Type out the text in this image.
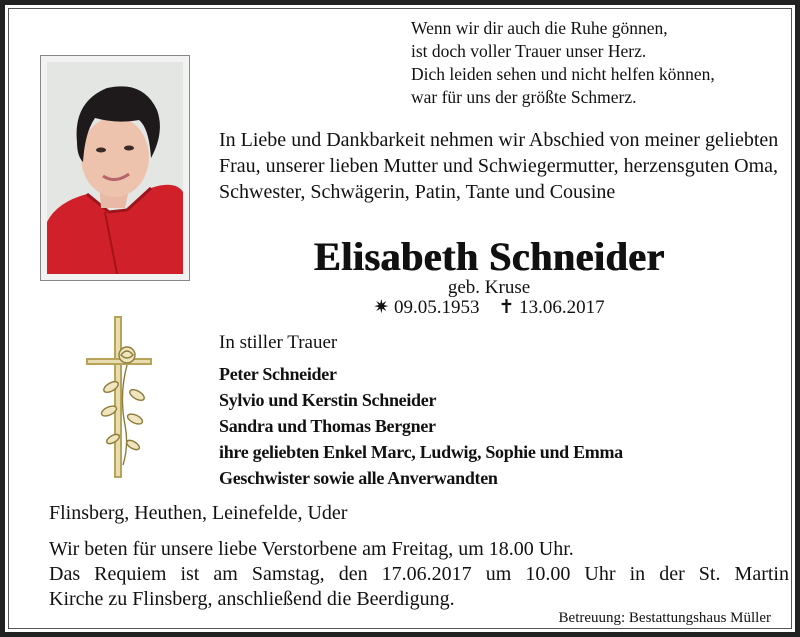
Wenn wir dir auch die Ruhe gönnen,
ist doch voller Trauer unser Herz.
Dich leiden sehen und nicht helfen können,
war für uns der größte Schmerz.
In Liebe und Dankbarkeit nehmen wir Abschied von meiner geliebten Frau, unserer lieben Mutter und Schwiegermutter, herzensguten Oma, Schwester, Schwägerin, Patin, Tante und Cousine
Elisabeth Schneider
geb. Kruse
✷ 09.05.1953 ✝ 13.06.2017
In stiller Trauer
Peter Schneider
Sylvio und Kerstin Schneider
Sandra und Thomas Bergner
ihre geliebten Enkel Marc, Ludwig, Sophie und Emma
Geschwister sowie alle Anverwandten
Flinsberg, Heuthen, Leinefelde, Uder
Wir beten für unsere liebe Verstorbene am Freitag, um 18.00 Uhr.
Das Requiem ist am Samstag, den 17.06.2017 um 10.00 Uhr in der St. Martin
Kirche zu Flinsberg, anschließend die Beerdigung.
Betreuung: Bestattungshaus Müller
